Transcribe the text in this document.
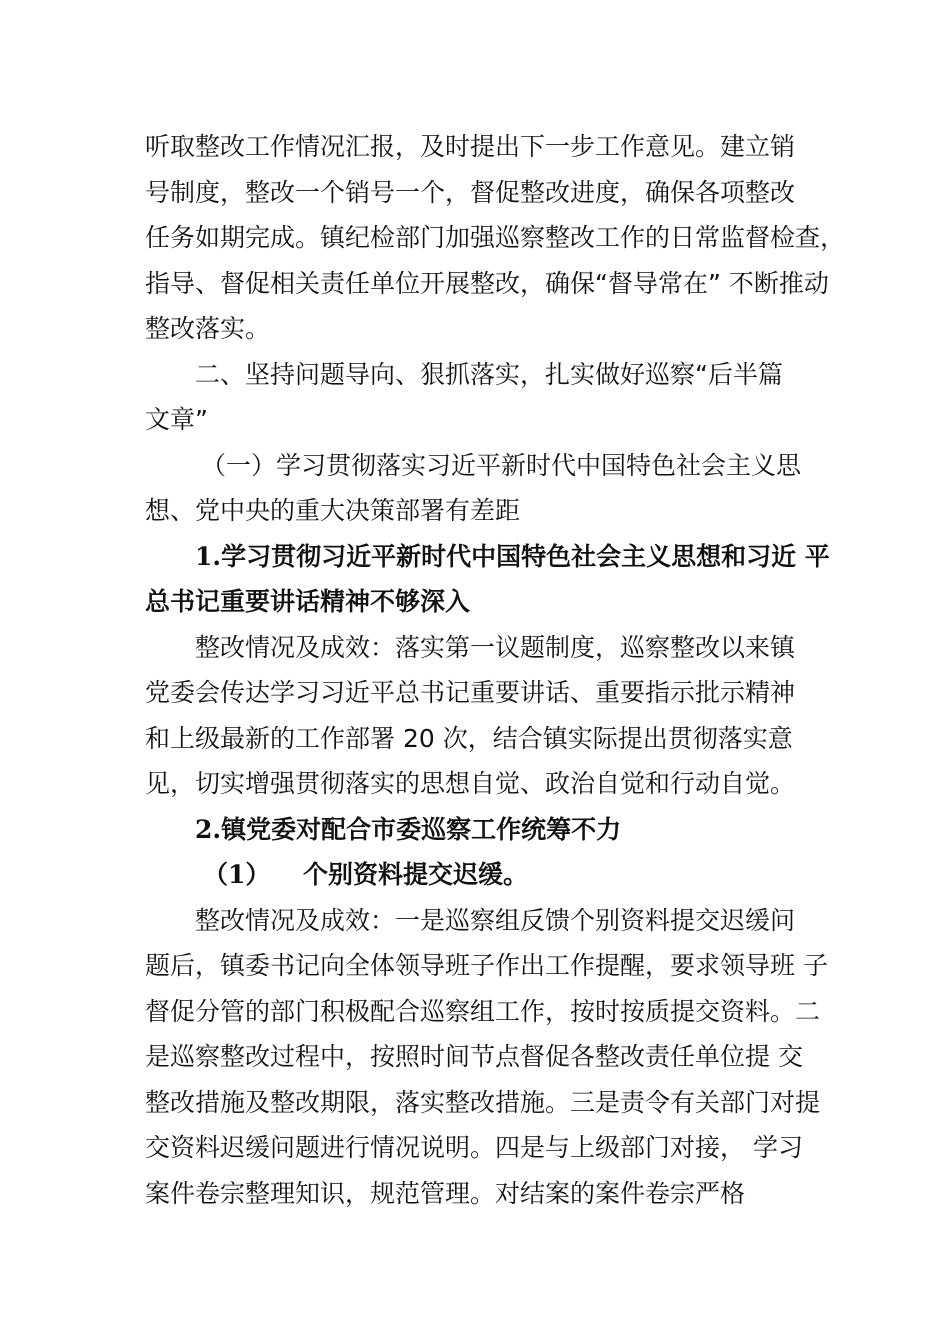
听取整改工作情况汇报，及时提出下一步工作意见。建立销
号制度，整改一个销号一个，督促整改进度，确保各项整改
任务如期完成。镇纪检部门加强巡察整改工作的日常监督检查，
指导、督促相关责任单位开展整改，确保“督导常在” 不断推动
整改落实。
二、坚持问题导向、狠抓落实，扎实做好巡察“后半篇
文章”
（一）学习贯彻落实习近平新时代中国特色社会主义思
想、党中央的重大决策部署有差距
1.学习贯彻习近平新时代中国特色社会主义思想和习近 平
总书记重要讲话精神不够深入
整改情况及成效：落实第一议题制度，巡察整改以来镇
党委会传达学习习近平总书记重要讲话、重要指示批示精神
和上级最新的工作部署 20 次，结合镇实际提出贯彻落实意
见，切实增强贯彻落实的思想自觉、政治自觉和行动自觉。
2.镇党委对配合市委巡察工作统筹不力
（1） 个别资料提交迟缓。
整改情况及成效：一是巡察组反馈个别资料提交迟缓问
题后，镇委书记向全体领导班子作出工作提醒，要求领导班 子
督促分管的部门积极配合巡察组工作，按时按质提交资料。二
是巡察整改过程中，按照时间节点督促各整改责任单位提 交
整改措施及整改期限，落实整改措施。三是责令有关部门对提
交资料迟缓问题进行情况说明。四是与上级部门对接， 学习
案件卷宗整理知识，规范管理。对结案的案件卷宗严格
